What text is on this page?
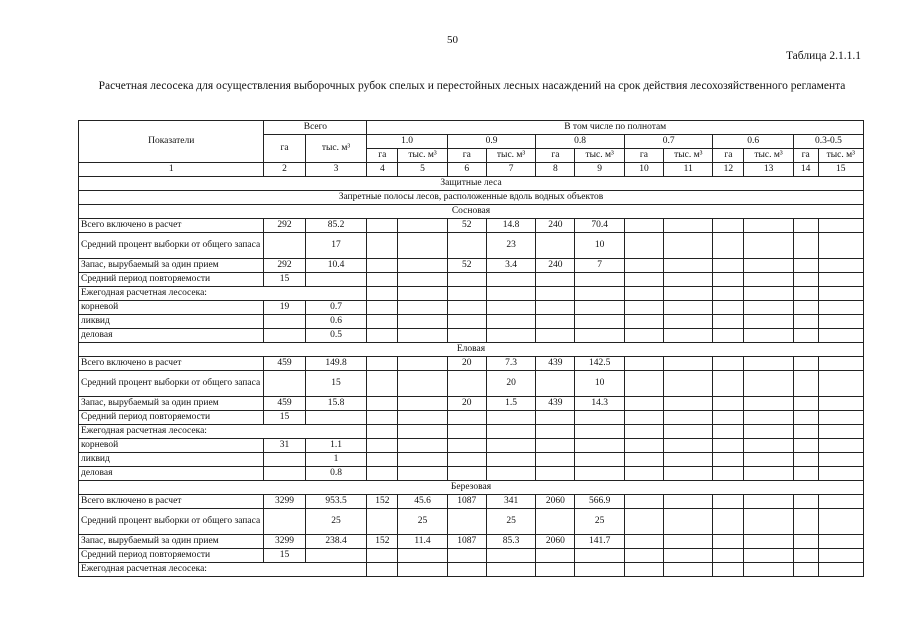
50
Таблица 2.1.1.1
Расчетная лесосека для осуществления выборочных рубок спелых и перестойных лесных насаждений на срок действия лесохозяйственного регламента
Показатели	Всего		В том числе по полнотам											
	га	тыс. м³	1.0		0.9		0.8		0.7		0.6		0.3-0.5	
			га	тыс. м³	га	тыс. м³	га	тыс. м³	га	тыс. м³	га	тыс. м³	га	тыс. м³
1	2	3	4	5	6	7	8	9	10	11	12	13	14	15
Защитные леса														
Запретные полосы лесов, расположенные вдоль водных объектов														
Сосновая														
Всего включено в расчет	292	85.2			52	14.8	240	70.4						
Средний процент выборки от общего запаса		17				23		10						
Запас, вырубаемый за один прием	292	10.4			52	3.4	240	7						
Средний период повторяемости	15													
Ежегодная расчетная лесосека:														
корневой	19	0.7												
ликвид		0.6												
деловая		0.5												
Еловая														
Всего включено в расчет	459	149.8			20	7.3	439	142.5						
Средний процент выборки от общего запаса		15				20		10						
Запас, вырубаемый за один прием	459	15.8			20	1.5	439	14.3						
Средний период повторяемости	15													
Ежегодная расчетная лесосека:														
корневой	31	1.1												
ликвид		1												
деловая		0.8												
Березовая														
Всего включено в расчет	3299	953.5	152	45.6	1087	341	2060	566.9						
Средний процент выборки от общего запаса		25		25		25		25						
Запас, вырубаемый за один прием	3299	238.4	152	11.4	1087	85.3	2060	141.7						
Средний период повторяемости	15													
Ежегодная расчетная лесосека:														
